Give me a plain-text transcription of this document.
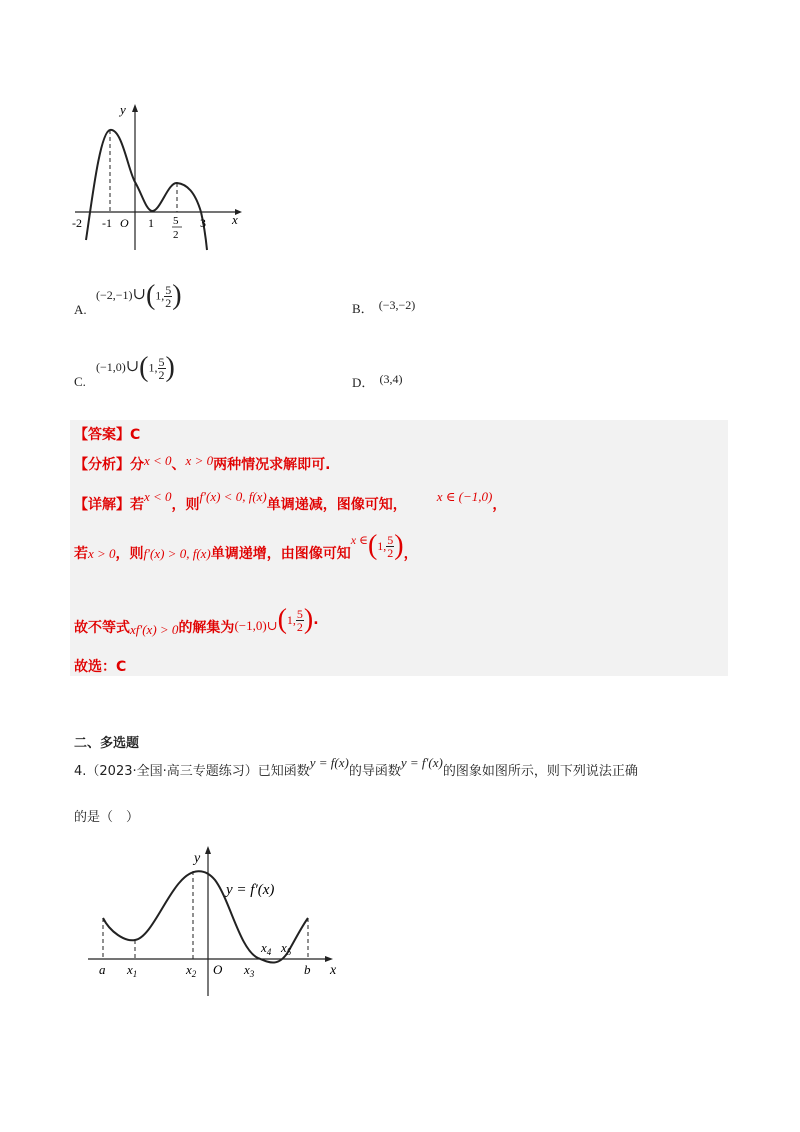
y
x
-2 -1 O 1 5
2
3
A.
(−2,−1)∪(1, $\frac{5}{2}$ )	B． $^{(-3,-2)}$
C.
(−1,0)∪(1, $\frac{5}{2}$ )	D． $^{(3,4)}$
【答案】C
【分析】分x < 0、x > 0两种情况求解即可.
【详解】若x < 0，则f′(x) < 0, f(x)单调递减，图像可知，x ∈ (−1,0)，
若x > 0，则f′(x) > 0, f(x)单调递增，由图像可知x ∈(1, $\frac{5}{2}$ )，
故不等式xf′(x) > 0的解集为(−1,0)∪(1, $\frac{5}{2}$ ).
故选：C
二、多选题
4.（2023·全国·高三专题练习）已知函数y = f(x)的导函数y = f′(x)的图象如图所示，则下列说法正确
的是（　）
y
x
y = f′(x)
O
a $x_1$	$x_2$	$x_3$
$x_4$ $x_5$
b
